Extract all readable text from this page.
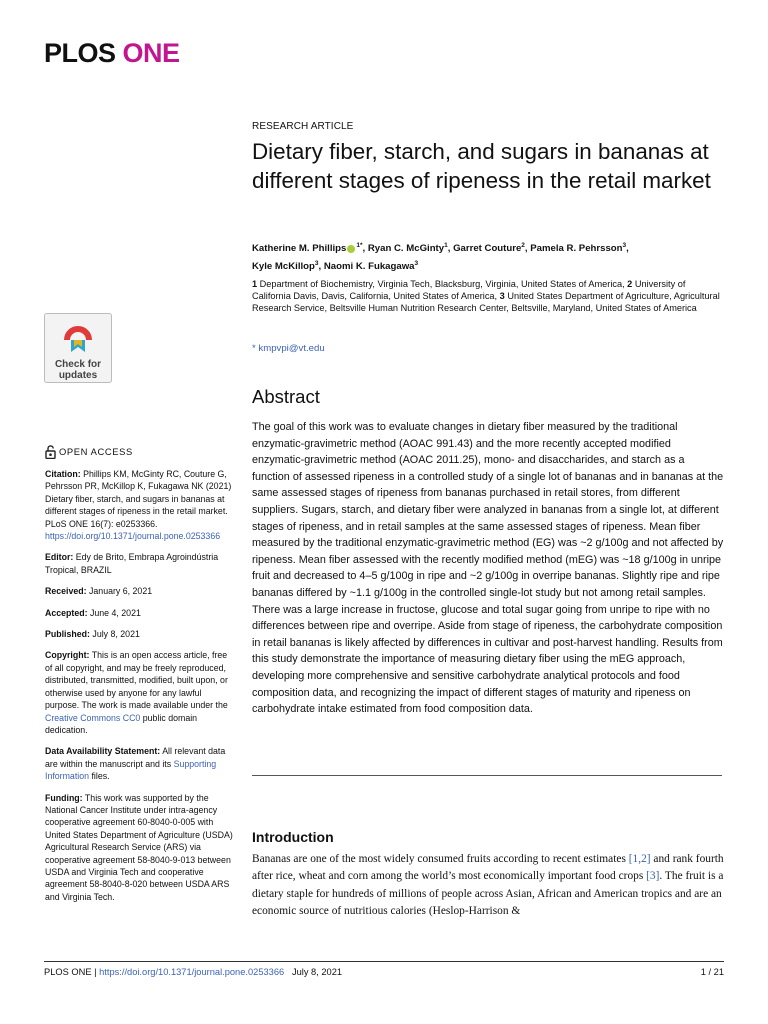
PLOS ONE
Check for
updates

OPEN ACCESS

Citation: Phillips KM, McGinty RC, Couture G, Pehrsson PR, McKillop K, Fukagawa NK (2021) Dietary fiber, starch, and sugars in bananas at different stages of ripeness in the retail market. PLoS ONE 16(7): e0253366. https://doi.org/10.1371/journal.pone.0253366

Editor: Edy de Brito, Embrapa Agroindústria Tropical, BRAZIL

Received: January 6, 2021

Accepted: June 4, 2021

Published: July 8, 2021

Copyright: This is an open access article, free of all copyright, and may be freely reproduced, distributed, transmitted, modified, built upon, or otherwise used by anyone for any lawful purpose. The work is made available under the Creative Commons CC0 public domain dedication.

Data Availability Statement: All relevant data are within the manuscript and its Supporting Information files.

Funding: This work was supported by the National Cancer Institute under intra-agency cooperative agreement 60-8040-0-005 with United States Department of Agriculture (USDA) Agricultural Research Service (ARS) via cooperative agreement 58-8040-9-013 between USDA and Virginia Tech and cooperative agreement 58-8040-8-020 between USDA ARS and Virginia Tech.

RESEARCH ARTICLE
Dietary fiber, starch, and sugars in bananas at different stages of ripeness in the retail market
Katherine M. Phillips $^{1*}$, Ryan C. McGinty$^1$, Garret Couture$^2$, Pamela R. Pehrsson$^3$,
Kyle McKillop$^3$, Naomi K. Fukagawa$^3$
1 Department of Biochemistry, Virginia Tech, Blacksburg, Virginia, United States of America, 2 University of California Davis, Davis, California, United States of America, 3 United States Department of Agriculture, Agricultural Research Service, Beltsville Human Nutrition Research Center, Beltsville, Maryland, United States of America
* kmpvpi@vt.edu
Abstract
The goal of this work was to evaluate changes in dietary fiber measured by the traditional enzymatic-gravimetric method (AOAC 991.43) and the more recently accepted modified enzymatic-gravimetric method (AOAC 2011.25), mono- and disaccharides, and starch as a function of assessed ripeness in a controlled study of a single lot of bananas and in bananas at the same assessed stages of ripeness from bananas purchased in retail stores, from different suppliers. Sugars, starch, and dietary fiber were analyzed in bananas from a single lot, at different stages of ripeness, and in retail samples at the same assessed stages of ripeness. Mean fiber measured by the traditional enzymatic-gravimetric method (EG) was ~2 g/100g and not affected by ripeness. Mean fiber assessed with the recently modified method (mEG) was ~18 g/100g in unripe fruit and decreased to 4–5 g/100g in ripe and ~2 g/100g in overripe bananas. Slightly ripe and ripe bananas differed by ~1.1 g/100g in the controlled single-lot study but not among retail samples. There was a large increase in fructose, glucose and total sugar going from unripe to ripe with no differences between ripe and overripe. Aside from stage of ripeness, the carbohydrate composition in retail bananas is likely affected by differences in cultivar and post-harvest handling. Results from this study demonstrate the importance of measuring dietary fiber using the mEG approach, developing more comprehensive and sensitive carbohydrate analytical protocols and food composition data, and recognizing the impact of different stages of maturity and ripeness on carbohydrate intake estimated from food composition data.
Introduction
Bananas are one of the most widely consumed fruits according to recent estimates [1,2] and rank fourth after rice, wheat and corn among the world’s most economically important food crops [3]. The fruit is a dietary staple for hundreds of millions of people across Asian, African and American tropics and are an economic source of nutritious calories (Heslop-Harrison &
PLOS ONE | https://doi.org/10.1371/journal.pone.0253366 July 8, 2021	1 / 21
